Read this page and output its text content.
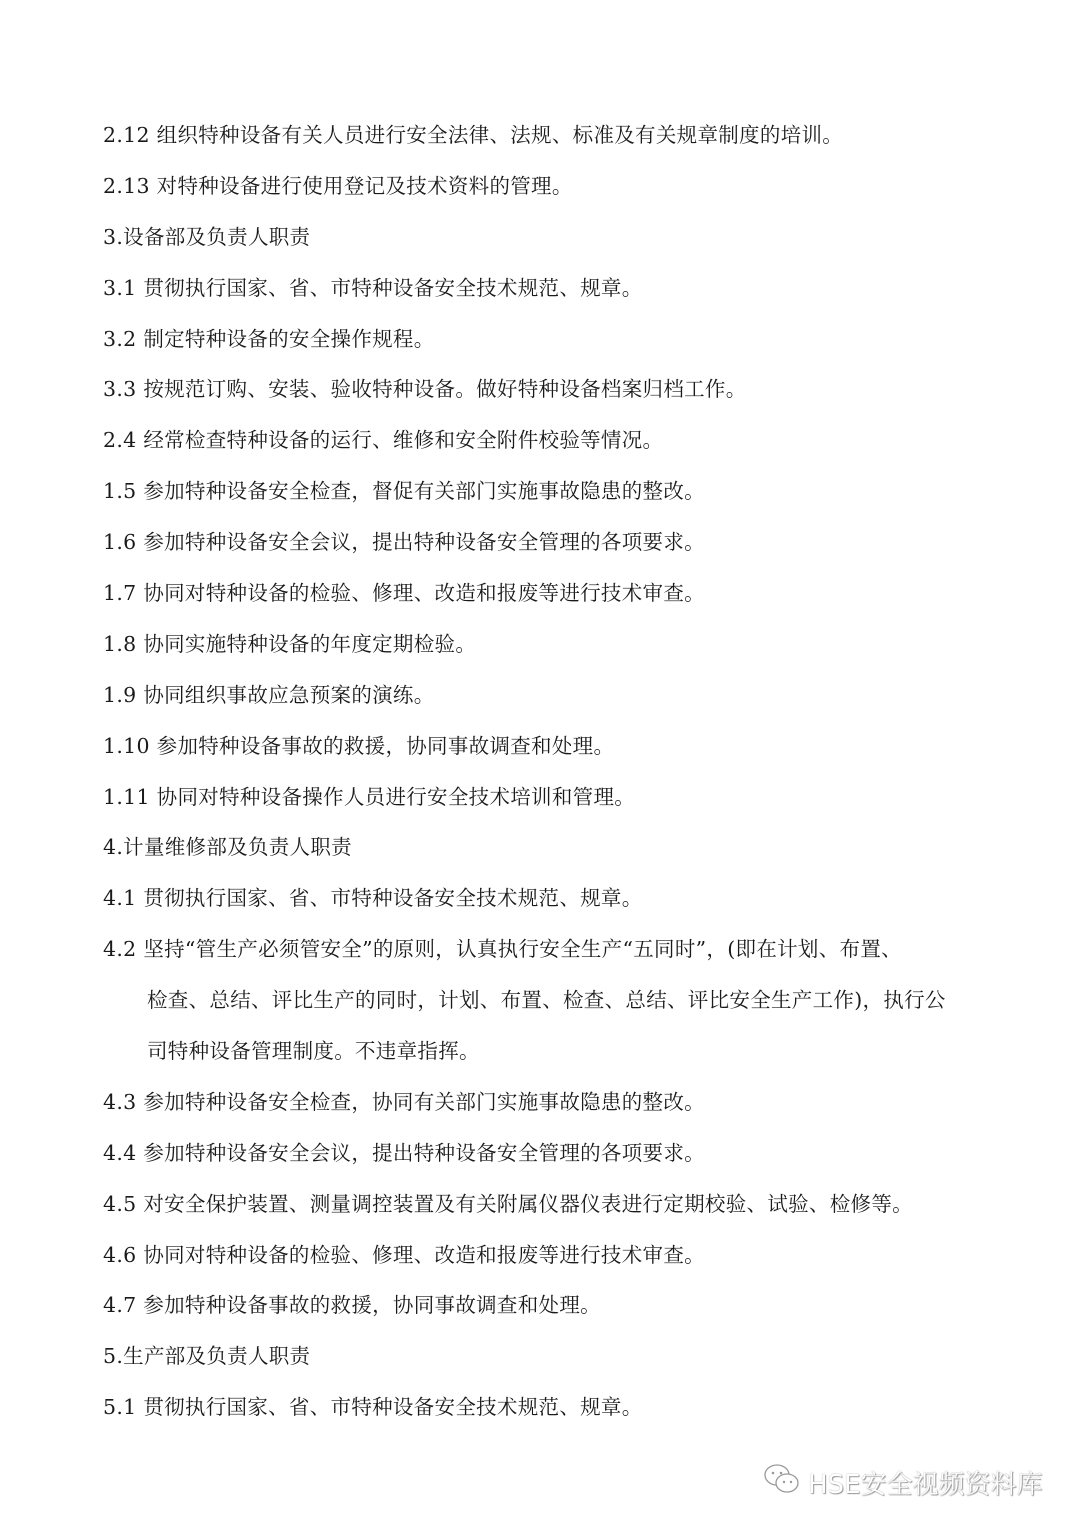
2.12 组织特种设备有关人员进行安全法律、法规、标准及有关规章制度的培训。
2.13 对特种设备进行使用登记及技术资料的管理。
3.设备部及负责人职责
3.1 贯彻执行国家、省、市特种设备安全技术规范、规章。
3.2 制定特种设备的安全操作规程。
3.3 按规范订购、安装、验收特种设备。做好特种设备档案归档工作。
2.4 经常检查特种设备的运行、维修和安全附件校验等情况。
1.5 参加特种设备安全检查，督促有关部门实施事故隐患的整改。
1.6 参加特种设备安全会议，提出特种设备安全管理的各项要求。
1.7 协同对特种设备的检验、修理、改造和报废等进行技术审查。
1.8 协同实施特种设备的年度定期检验。
1.9 协同组织事故应急预案的演练。
1.10 参加特种设备事故的救援，协同事故调查和处理。
1.11 协同对特种设备操作人员进行安全技术培训和管理。
4.计量维修部及负责人职责
4.1 贯彻执行国家、省、市特种设备安全技术规范、规章。
4.2 坚持“管生产必须管安全”的原则，认真执行安全生产“五同时”，(即在计划、布置、
检查、总结、评比生产的同时，计划、布置、检查、总结、评比安全生产工作)，执行公
司特种设备管理制度。不违章指挥。
4.3 参加特种设备安全检查，协同有关部门实施事故隐患的整改。
4.4 参加特种设备安全会议，提出特种设备安全管理的各项要求。
4.5 对安全保护装置、测量调控装置及有关附属仪器仪表进行定期校验、试验、检修等。
4.6 协同对特种设备的检验、修理、改造和报废等进行技术审查。
4.7 参加特种设备事故的救援，协同事故调查和处理。
5.生产部及负责人职责
5.1 贯彻执行国家、省、市特种设备安全技术规范、规章。
HSE安全视频资料库
